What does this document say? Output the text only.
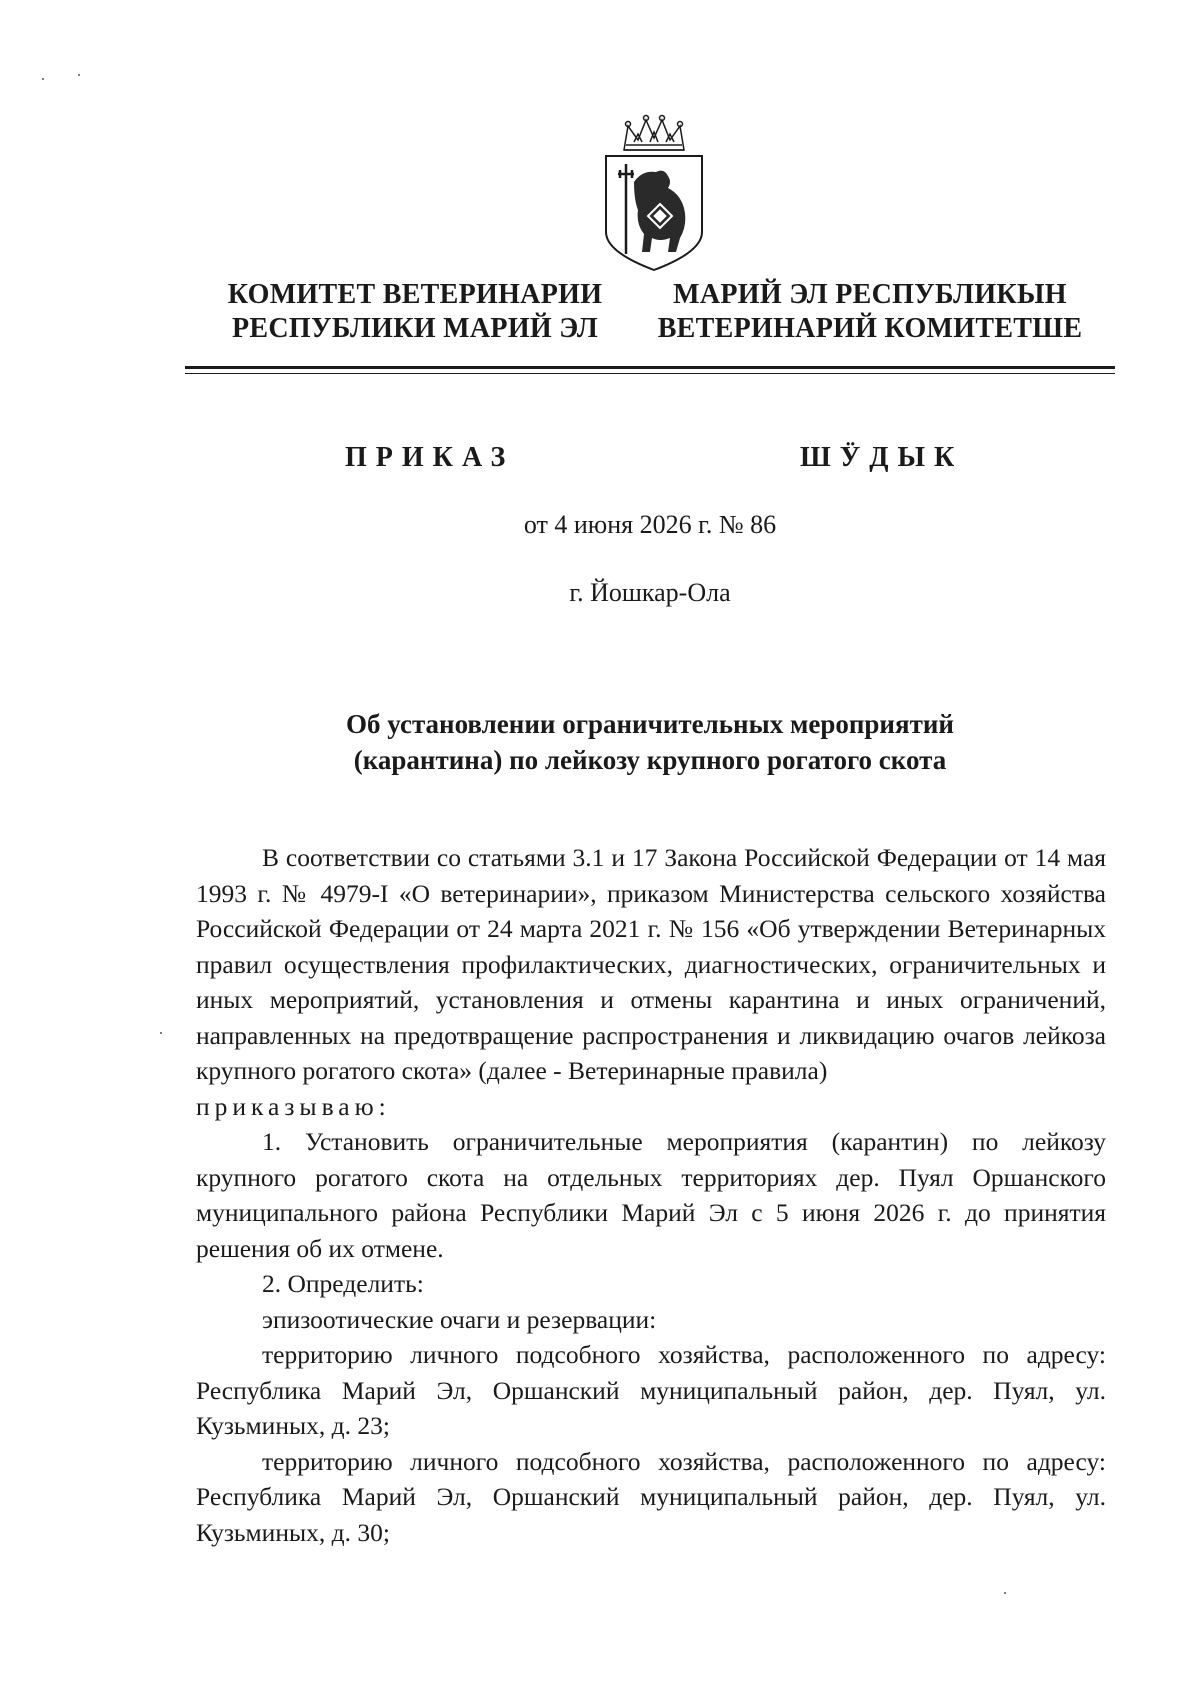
КОМИТЕТ ВЕТЕРИНАРИИ
РЕСПУБЛИКИ МАРИЙ ЭЛ
МАРИЙ ЭЛ РЕСПУБЛИКЫН
ВЕТЕРИНАРИЙ КОМИТЕТШЕ
ПРИКАЗ	ШӰДЫК
от 4 июня 2026 г. № 86
г. Йошкар-Ола
Об установлении ограничительных мероприятий
(карантина) по лейкозу крупного рогатого скота

В соответствии со статьями 3.1 и 17 Закона Российской Федерации от 14 мая 1993 г. № 4979-I «О ветеринарии», приказом Министерства сельского хозяйства Российской Федерации от 24 марта 2021 г. № 156 «Об утверждении Ветеринарных правил осуществления профилактических, диагностических, ограничительных и иных мероприятий, установления и отмены карантина и иных ограничений, направленных на предотвращение распространения и ликвидацию очагов лейкоза крупного рогатого скота» (далее - Ветеринарные правила)

приказываю:

1. Установить ограничительные мероприятия (карантин) по лейкозу крупного рогатого скота на отдельных территориях дер. Пуял Оршанского муниципального района Республики Марий Эл с 5 июня 2026 г. до принятия решения об их отмене.

2. Определить:

эпизоотические очаги и резервации:

территорию личного подсобного хозяйства, расположенного по адресу: Республика Марий Эл, Оршанский муниципальный район, дер. Пуял, ул. Кузьминых, д. 23;

территорию личного подсобного хозяйства, расположенного по адресу: Республика Марий Эл, Оршанский муниципальный район, дер. Пуял, ул. Кузьминых, д. 30;
